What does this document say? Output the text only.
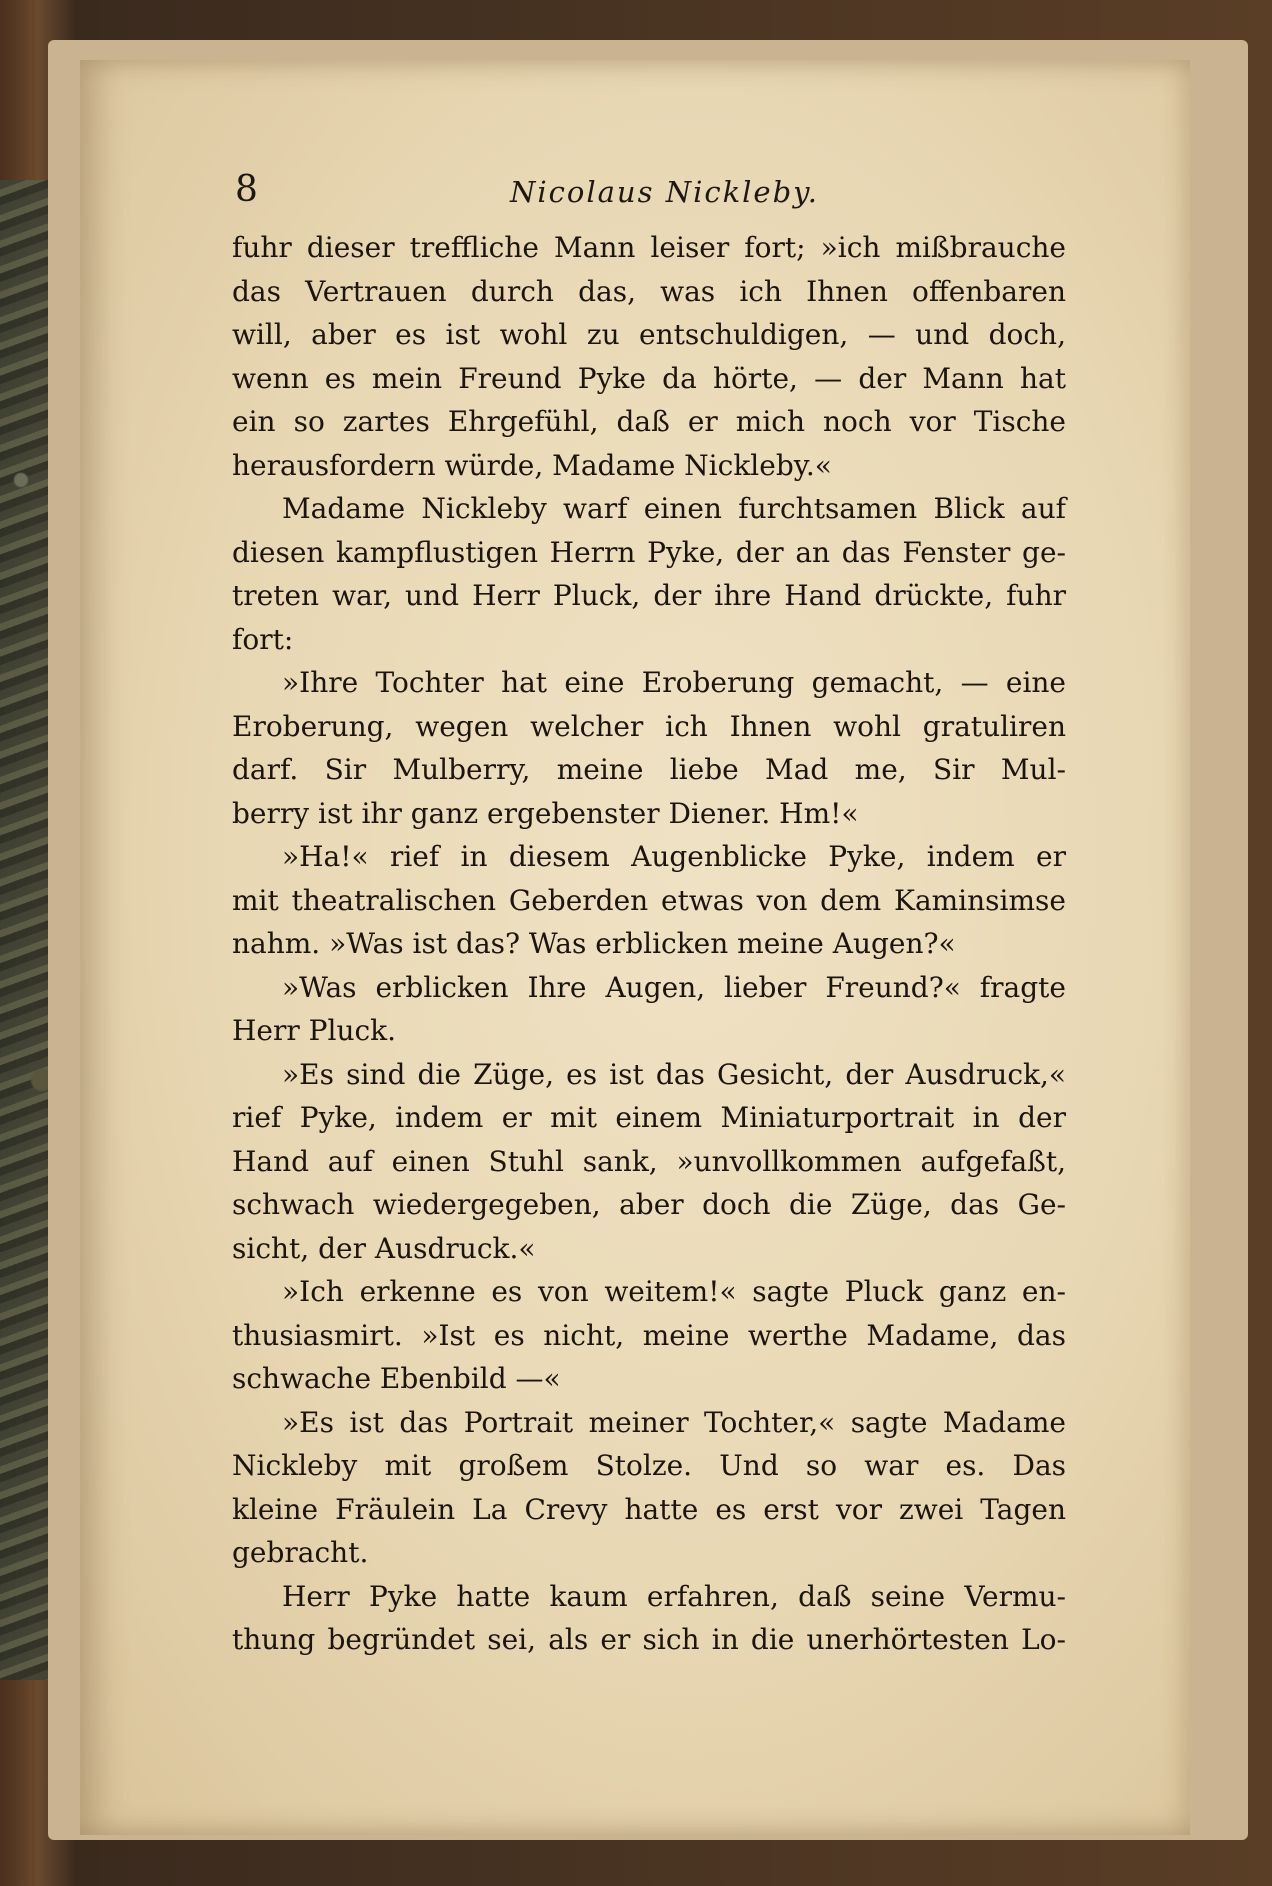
8	Nicolaus Nickleby.
fuhr dieser treffliche Mann leiser fort; »ich mißbrauche
das Vertrauen durch das, was ich Ihnen offenbaren
will, aber es ist wohl zu entschuldigen, — und doch,
wenn es mein Freund Pyke da hörte, — der Mann hat
ein so zartes Ehrgefühl, daß er mich noch vor Tische
herausfordern würde, Madame Nickleby.«
Madame Nickleby warf einen furchtsamen Blick auf
diesen kampflustigen Herrn Pyke, der an das Fenster ge-
treten war, und Herr Pluck, der ihre Hand drückte, fuhr
fort:
»Ihre Tochter hat eine Eroberung gemacht, — eine
Eroberung, wegen welcher ich Ihnen wohl gratuliren
darf. Sir Mulberry, meine liebe Mad me, Sir Mul-
berry ist ihr ganz ergebenster Diener. Hm!«
»Ha!« rief in diesem Augenblicke Pyke, indem er
mit theatralischen Geberden etwas von dem Kaminsimse
nahm. »Was ist das? Was erblicken meine Augen?«
»Was erblicken Ihre Augen, lieber Freund?« fragte
Herr Pluck.
»Es sind die Züge, es ist das Gesicht, der Ausdruck,«
rief Pyke, indem er mit einem Miniaturportrait in der
Hand auf einen Stuhl sank, »unvollkommen aufgefaßt,
schwach wiedergegeben, aber doch die Züge, das Ge-
sicht, der Ausdruck.«
»Ich erkenne es von weitem!« sagte Pluck ganz en-
thusiasmirt. »Ist es nicht, meine werthe Madame, das
schwache Ebenbild —«
»Es ist das Portrait meiner Tochter,« sagte Madame
Nickleby mit großem Stolze. Und so war es. Das
kleine Fräulein La Crevy hatte es erst vor zwei Tagen
gebracht.
Herr Pyke hatte kaum erfahren, daß seine Vermu-
thung begründet sei, als er sich in die unerhörtesten Lo-
